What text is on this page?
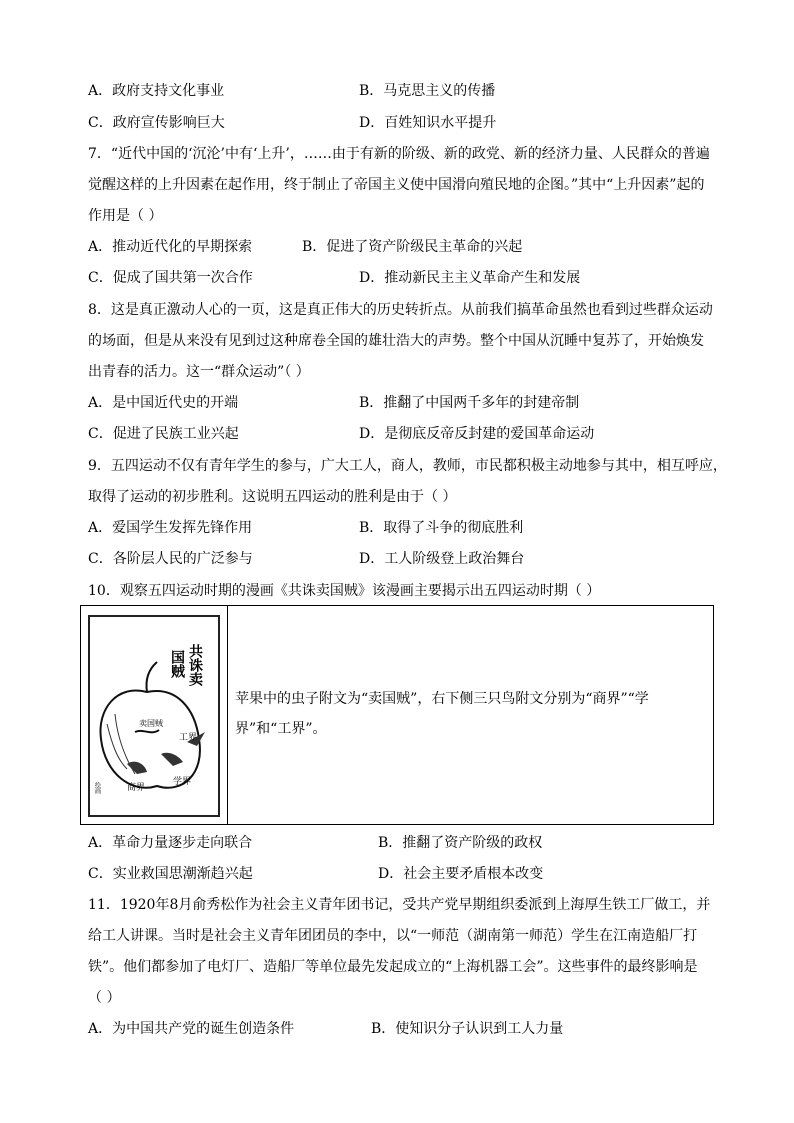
A．政府支持文化事业	B．马克思主义的传播
C．政府宣传影响巨大	D．百姓知识水平提升
7．“近代中国的‘沉沦’中有‘上升’，……由于有新的阶级、新的政党、新的经济力量、人民群众的普遍
觉醒这样的上升因素在起作用，终于制止了帝国主义使中国滑向殖民地的企图。”其中“上升因素”起的
作用是（ ）
A．推动近代化的早期探索	B．促进了资产阶级民主革命的兴起
C．促成了国共第一次合作	D．推动新民主主义革命产生和发展
8．这是真正激动人心的一页，这是真正伟大的历史转折点。从前我们搞革命虽然也看到过些群众运动
的场面，但是从来没有见到过这种席卷全国的雄壮浩大的声势。整个中国从沉睡中复苏了，开始焕发
出青春的活力。这一“群众运动”（ ）
A．是中国近代史的开端	B．推翻了中国两千多年的封建帝制
C．促进了民族工业兴起	D．是彻底反帝反封建的爱国革命运动
9．五四运动不仅有青年学生的参与，广大工人，商人，教师，市民都积极主动地参与其中，相互呼应，
取得了运动的初步胜利。这说明五四运动的胜利是由于（ ）
A．爱国学生发挥先锋作用	B．取得了斗争的彻底胜利
C．各阶层人民的广泛参与	D．工人阶级登上政治舞台
10．观察五四运动时期的漫画《共诛卖国贼》该漫画主要揭示出五四运动时期（ ）
共诛卖
国贼
卖国贼
工界
学界
商界
绘画
苹果中的虫子附文为“卖国贼”，右下侧三只鸟附文分别为“商界”“学界”和“工界”。
A．革命力量逐步走向联合	B．推翻了资产阶级的政权
C．实业救国思潮渐趋兴起	D．社会主要矛盾根本改变
11．1920年8月俞秀松作为社会主义青年团书记，受共产党早期组织委派到上海厚生铁工厂做工，并
给工人讲课。当时是社会主义青年团团员的李中，以“一师范（湖南第一师范）学生在江南造船厂打
铁”。他们都参加了电灯厂、造船厂等单位最先发起成立的“上海机器工会”。这些事件的最终影响是
（ ）
A．为中国共产党的诞生创造条件	B．使知识分子认识到工人力量
